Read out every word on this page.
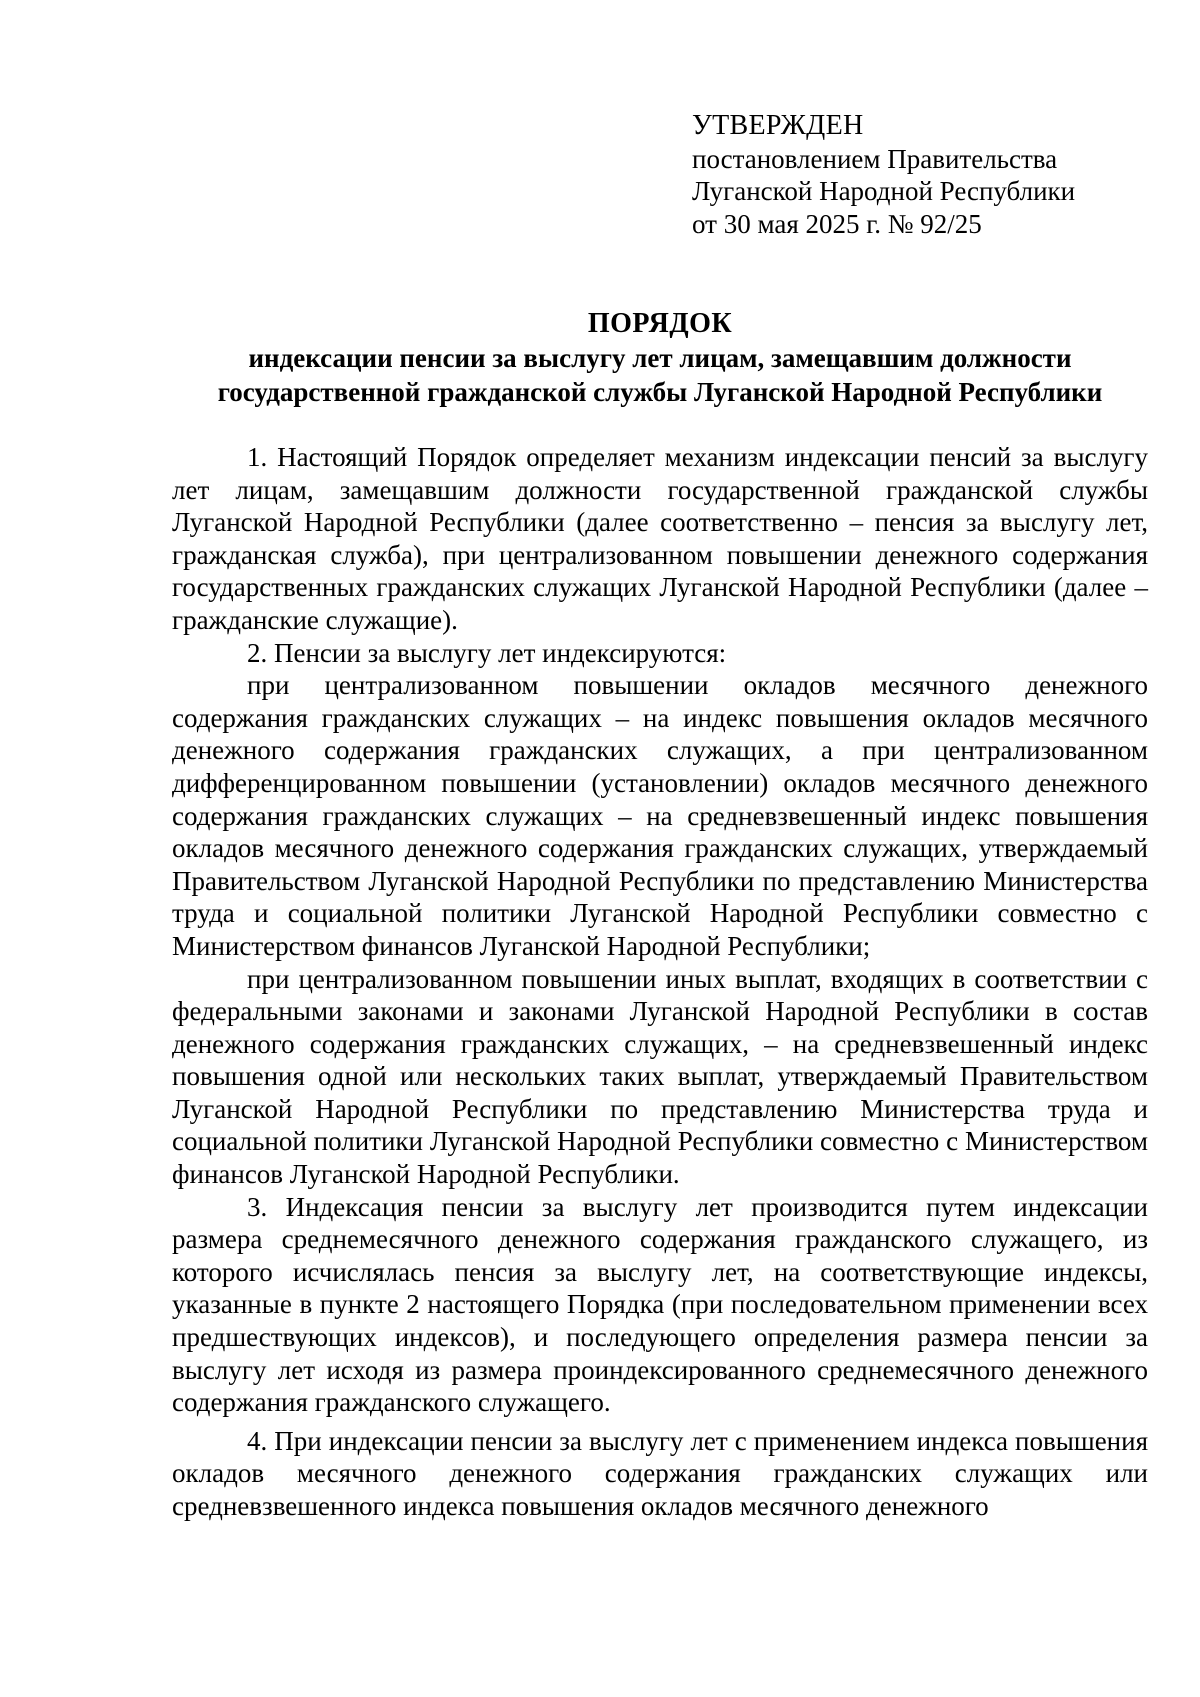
УТВЕРЖДЕН
постановлением Правительства
Луганской Народной Республики
от 30 мая 2025 г. № 92/25
ПОРЯДОК
индексации пенсии за выслугу лет лицам, замещавшим должности
государственной гражданской службы Луганской Народной Республики

1. Настоящий Порядок определяет механизм индексации пенсий за выслугу лет лицам, замещавшим должности государственной гражданской службы Луганской Народной Республики (далее соответственно – пенсия за выслугу лет, гражданская служба), при централизованном повышении денежного содержания государственных гражданских служащих Луганской Народной Республики (далее – гражданские служащие).

2. Пенсии за выслугу лет индексируются:

при централизованном повышении окладов месячного денежного содержания гражданских служащих – на индекс повышения окладов месячного денежного содержания гражданских служащих, а при централизованном дифференцированном повышении (установлении) окладов месячного денежного содержания гражданских служащих – на средневзвешенный индекс повышения окладов месячного денежного содержания гражданских служащих, утверждаемый Правительством Луганской Народной Республики по представлению Министерства труда и социальной политики Луганской Народной Республики совместно с Министерством финансов Луганской Народной Республики;

при централизованном повышении иных выплат, входящих в соответствии с федеральными законами и законами Луганской Народной Республики в состав денежного содержания гражданских служащих, – на средневзвешенный индекс повышения одной или нескольких таких выплат, утверждаемый Правительством Луганской Народной Республики по представлению Министерства труда и социальной политики Луганской Народной Республики совместно с Министерством финансов Луганской Народной Республики.

3. Индексация пенсии за выслугу лет производится путем индексации размера среднемесячного денежного содержания гражданского служащего, из которого исчислялась пенсия за выслугу лет, на соответствующие индексы, указанные в пункте 2 настоящего Порядка (при последовательном применении всех предшествующих индексов), и последующего определения размера пенсии за выслугу лет исходя из размера проиндексированного среднемесячного денежного содержания гражданского служащего.

4. При индексации пенсии за выслугу лет с применением индекса повышения окладов месячного денежного содержания гражданских служащих или средневзвешенного индекса повышения окладов месячного денежного
